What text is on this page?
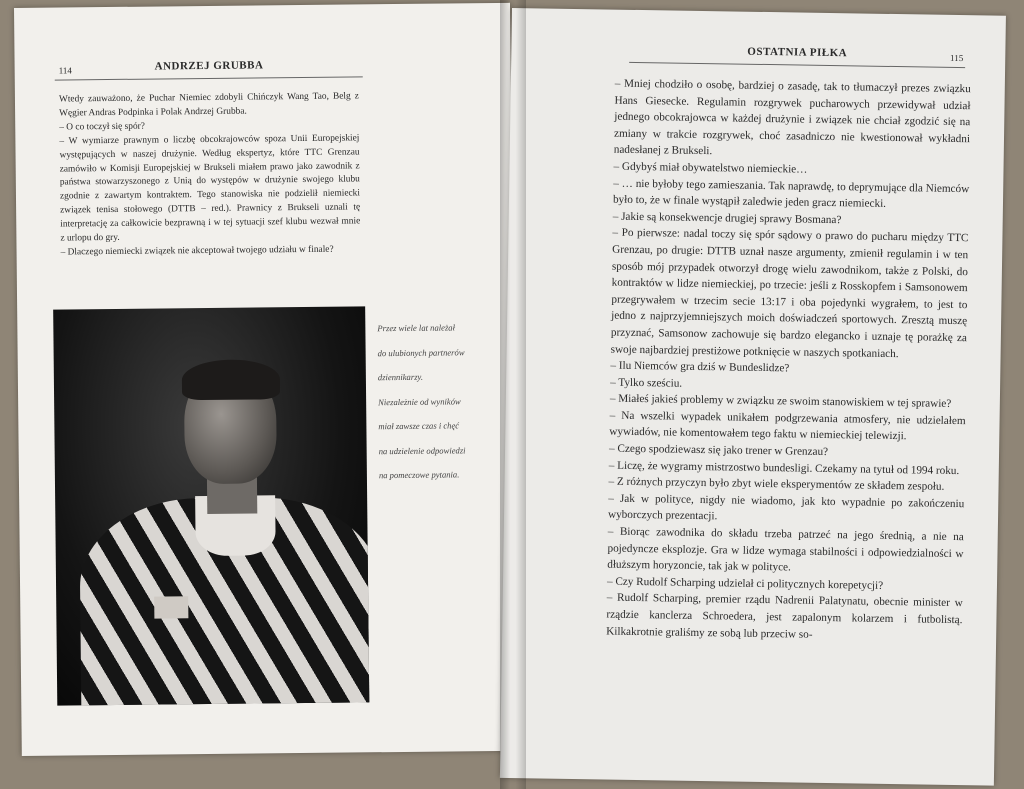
114	ANDRZEJ GRUBBA

Wtedy zauważono, że Puchar Niemiec zdobyli Chińczyk Wang Tao, Belg z Węgier Andras Podpinka i Polak Andrzej Grubba.

– O co toczył się spór?

– W wymiarze prawnym o liczbę obcokrajowców spoza Unii Europejskiej występujących w naszej drużynie. Według ekspertyz, które TTC Grenzau zamówiło w Komisji Europejskiej w Brukseli miałem prawo jako zawodnik z państwa stowarzyszonego z Unią do występów w drużynie swojego klubu zgodnie z zawartym kontraktem. Tego stanowiska nie podzielił niemiecki związek tenisa stołowego (DTTB – red.). Prawnicy z Brukseli uznali tę interpretację za całkowicie bezprawną i w tej sytuacji szef klubu wezwał mnie z urlopu do gry.

– Dlaczego niemiecki związek nie akceptował twojego udziału w finale?

Przez wiele lat należał

do ulubionych partnerów

dziennikarzy.

Niezależnie od wyników

miał zawsze czas i chęć

na udzielenie odpowiedzi

na pomeczowe pytania.

OSTATNIA PIŁKA	115

– Mniej chodziło o osobę, bardziej o zasadę, tak to tłumaczył prezes związku Hans Giesecke. Regulamin rozgrywek pucharowych przewidywał udział jednego obcokrajowca w każdej drużynie i związek nie chciał zgodzić się na zmiany w trakcie rozgrywek, choć zasadniczo nie kwestionował wykładni nadesłanej z Brukseli.

– Gdybyś miał obywatelstwo niemieckie…

– … nie byłoby tego zamieszania. Tak naprawdę, to deprymujące dla Niemców było to, że w finale wystąpił zaledwie jeden gracz niemiecki.

– Jakie są konsekwencje drugiej sprawy Bosmana?

– Po pierwsze: nadal toczy się spór sądowy o prawo do pucharu między TTC Grenzau, po drugie: DTTB uznał nasze argumenty, zmienił regulamin i w ten sposób mój przypadek otworzył drogę wielu zawodnikom, także z Polski, do kontraktów w lidze niemieckiej, po trzecie: jeśli z Rosskopfem i Samsonowem przegrywałem w trzecim secie 13:17 i oba pojedynki wygrałem, to jest to jedno z najprzyjemniejszych moich doświadczeń sportowych. Zresztą muszę przyznać, Samsonow zachowuje się bardzo elegancko i uznaje tę porażkę za swoje najbardziej prestiżowe potknięcie w naszych spotkaniach.

– Ilu Niemców gra dziś w Bundeslidze?

– Tylko sześciu.

– Miałeś jakieś problemy w związku ze swoim stanowiskiem w tej sprawie?

– Na wszelki wypadek unikałem podgrzewania atmosfery, nie udzielałem wywiadów, nie komentowałem tego faktu w niemieckiej telewizji.

– Czego spodziewasz się jako trener w Grenzau?

– Liczę, że wygramy mistrzostwo bundesligi. Czekamy na tytuł od 1994 roku.

– Z różnych przyczyn było zbyt wiele eksperymentów ze składem zespołu.

– Jak w polityce, nigdy nie wiadomo, jak kto wypadnie po zakończeniu wyborczych prezentacji.

– Biorąc zawodnika do składu trzeba patrzeć na jego średnią, a nie na pojedyncze eksplozje. Gra w lidze wymaga stabilności i odpowiedzialności w dłuższym horyzoncie, tak jak w polityce.

– Czy Rudolf Scharping udzielał ci politycznych korepetycji?

– Rudolf Scharping, premier rządu Nadrenii Palatynatu, obecnie minister w rządzie kanclerza Schroedera, jest zapalonym kolarzem i futbolistą. Kilkakrotnie graliśmy ze sobą lub przeciw so-
